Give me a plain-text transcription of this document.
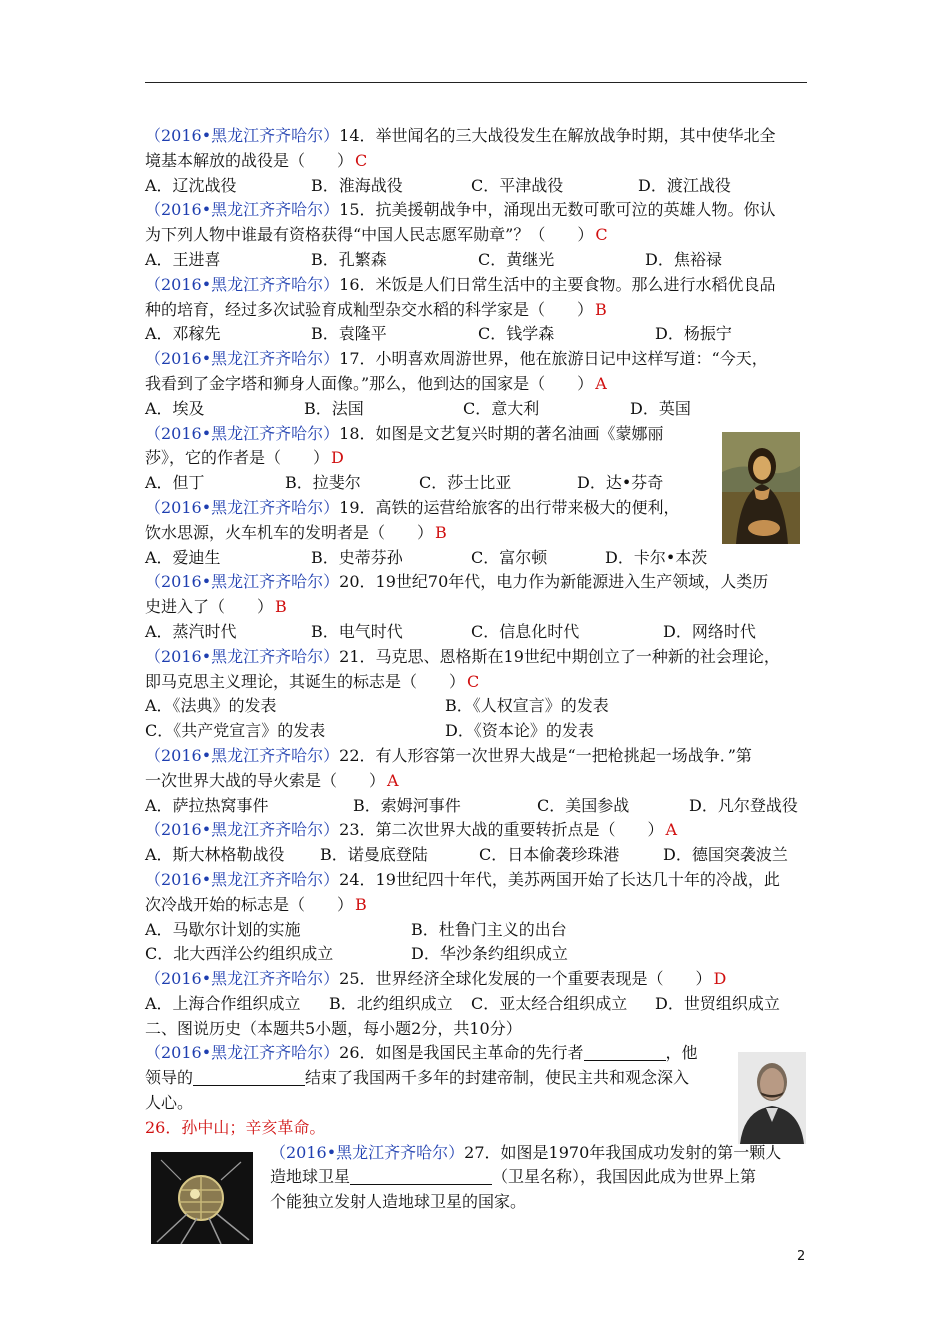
（2016•黑龙江齐齐哈尔）14．举世闻名的三大战役发生在解放战争时期，其中使华北全
境基本解放的战役是（　　） C
A．辽沈战役	B．淮海战役	C．平津战役	D．渡江战役
（2016•黑龙江齐齐哈尔）15．抗美援朝战争中，涌现出无数可歌可泣的英雄人物。你认
为下列人物中谁最有资格获得“中国人民志愿军勋章”？（　　） C
A．王进喜	B．孔繁森	C．黄继光	D．焦裕禄
（2016•黑龙江齐齐哈尔）16．米饭是人们日常生活中的主要食物。那么进行水稻优良品
种的培育，经过多次试验育成籼型杂交水稻的科学家是（　　） B
A．邓稼先	B．袁隆平	C．钱学森	D．杨振宁
（2016•黑龙江齐齐哈尔）17．小明喜欢周游世界，他在旅游日记中这样写道：“今天，
我看到了金字塔和狮身人面像。”那么，他到达的国家是（　　） A
A．埃及	B．法国	C．意大利	D．英国
（2016•黑龙江齐齐哈尔）18．如图是文艺复兴时期的著名油画《蒙娜丽
莎》，它的作者是（　　） D
A．但丁	B．拉斐尔	C．莎士比亚	D．达•芬奇
（2016•黑龙江齐齐哈尔）19．高铁的运营给旅客的出行带来极大的便利，
饮水思源，火车机车的发明者是（　　） B
A．爱迪生	B．史蒂芬孙	C．富尔顿	D．卡尔•本茨
（2016•黑龙江齐齐哈尔）20．19世纪70年代，电力作为新能源进入生产领域，人类历
史进入了（　　） B
A．蒸汽时代	B．电气时代	C．信息化时代	D．网络时代
（2016•黑龙江齐齐哈尔）21．马克思、恩格斯在19世纪中期创立了一种新的社会理论，
即马克思主义理论，其诞生的标志是（　　） C
A．《法典》的发表	B．《人权宣言》的发表
C．《共产党宣言》的发表	D．《资本论》的发表
（2016•黑龙江齐齐哈尔）22．有人形容第一次世界大战是“一把枪挑起一场战争．”第
一次世界大战的导火索是（　　） A
A．萨拉热窝事件	B．索姆河事件	C．美国参战	D．凡尔登战役
（2016•黑龙江齐齐哈尔）23．第二次世界大战的重要转折点是（　　） A
A．斯大林格勒战役	B．诺曼底登陆	C．日本偷袭珍珠港	D．德国突袭波兰
（2016•黑龙江齐齐哈尔）24．19世纪四十年代，美苏两国开始了长达几十年的冷战，此
次冷战开始的标志是（　　） B
A．马歇尔计划的实施	B．杜鲁门主义的出台
C．北大西洋公约组织成立	D．华沙条约组织成立
（2016•黑龙江齐齐哈尔）25．世界经济全球化发展的一个重要表现是（　　） D
A．上海合作组织成立	B．北约组织成立	C．亚太经合组织成立	D．世贸组织成立
二、图说历史（本题共5小题，每小题2分，共10分）
（2016•黑龙江齐齐哈尔）26．如图是我国民主革命的先行者	，他
领导的	结束了我国两千多年的封建帝制，使民主共和观念深入
人心。
26．孙中山；辛亥革命。
（2016•黑龙江齐齐哈尔）27．如图是1970年我国成功发射的第一颗人
造地球卫星	（卫星名称），我国因此成为世界上第
个能独立发射人造地球卫星的国家。
2
